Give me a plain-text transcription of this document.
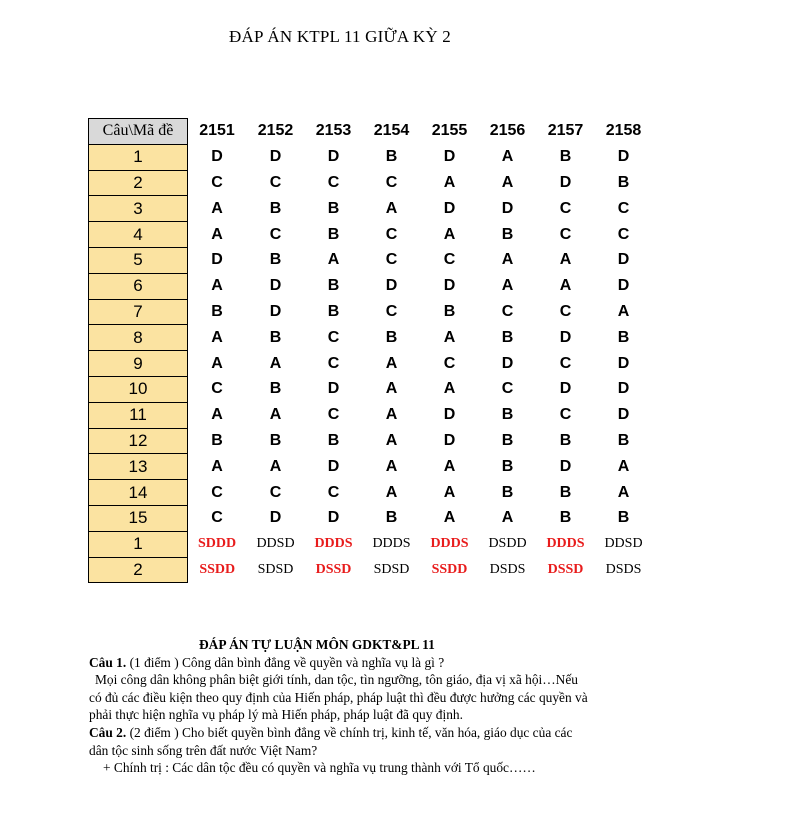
ĐÁP ÁN KTPL 11 GIỮA KỲ 2
Câu\Mã đề	2151	2152	2153	2154	2155	2156	2157	2158
1	D	D	D	B	D	A	B	D
2	C	C	C	C	A	A	D	B
3	A	B	B	A	D	D	C	C
4	A	C	B	C	A	B	C	C
5	D	B	A	C	C	A	A	D
6	A	D	B	D	D	A	A	D
7	B	D	B	C	B	C	C	A
8	A	B	C	B	A	B	D	B
9	A	A	C	A	C	D	C	D
10	C	B	D	A	A	C	D	D
11	A	A	C	A	D	B	C	D
12	B	B	B	A	D	B	B	B
13	A	A	D	A	A	B	D	A
14	C	C	C	A	A	B	B	A
15	C	D	D	B	A	A	B	B
1	SDDD	DDSD	DDDS	DDDS	DDDS	DSDD	DDDS	DDSD
2	SSDD	SDSD	DSSD	SDSD	SSDD	DSDS	DSSD	DSDS

ĐÁP ÁN TỰ LUẬN MÔN GDKT&PL 11

Câu 1. (1 điểm ) Công dân bình đẳng về quyền và nghĩa vụ là gì ?

Mọi công dân không phân biệt giới tính, dan tộc, tìn ngưỡng, tôn giáo, địa vị xã hội…Nếu

có đủ các điều kiện theo quy định của Hiến pháp, pháp luật thì đều được hưởng các quyền và

phải thực hiện nghĩa vụ pháp lý mà Hiến pháp, pháp luật đã quy định.

Câu 2. (2 điểm ) Cho biết quyền bình đẳng về chính trị, kinh tế, văn hóa, giáo dục của các

dân tộc sinh sống trên đất nước Việt Nam?

+ Chính trị : Các dân tộc đều có quyền và nghĩa vụ trung thành với Tổ quốc……
